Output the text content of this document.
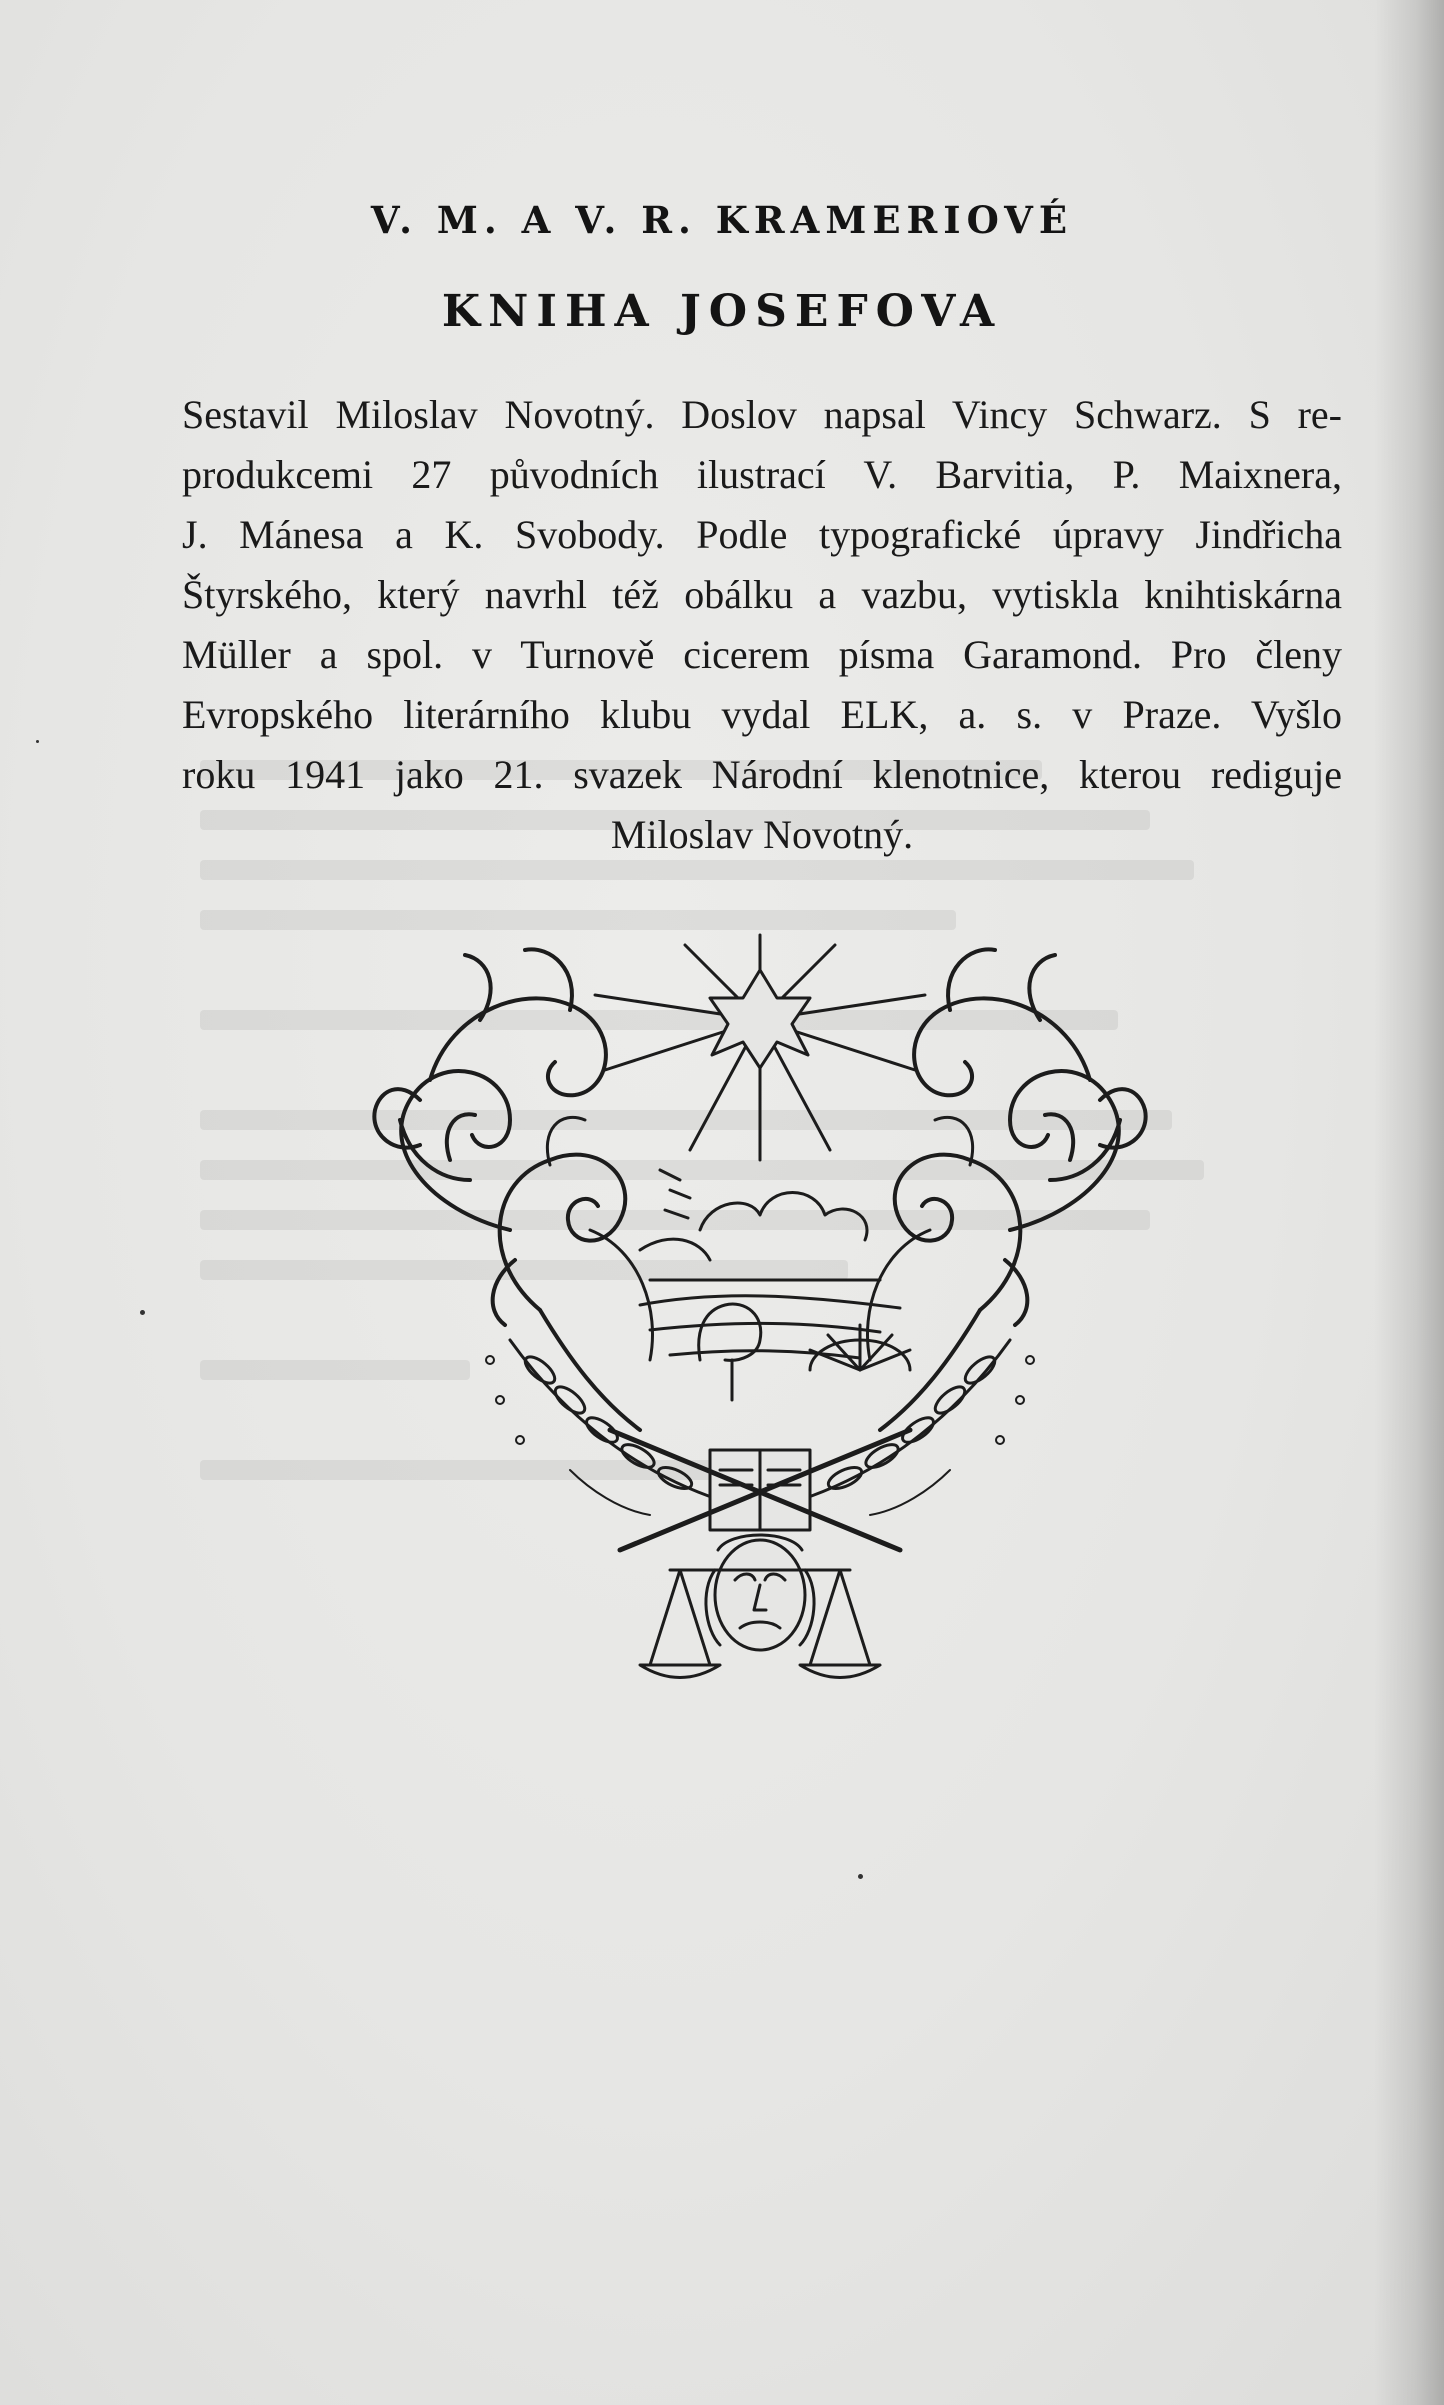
V. M. A V. R. KRAMERIOVÉ
KNIHA JOSEFOVA
Sestavil Miloslav Novotný. Doslov napsal Vincy Schwarz. S re-
produkcemi 27 původních ilustrací V. Barvitia, P. Maixnera,
J. Mánesa a K. Svobody. Podle typografické úpravy Jindřicha
Štyrského, který navrhl též obálku a vazbu, vytiskla knihtiskárna
Müller a spol. v Turnově cicerem písma Garamond. Pro členy
Evropského literárního klubu vydal ELK, a. s. v Praze. Vyšlo
roku 1941 jako 21. svazek Národní klenotnice, kterou rediguje
Miloslav Novotný.
